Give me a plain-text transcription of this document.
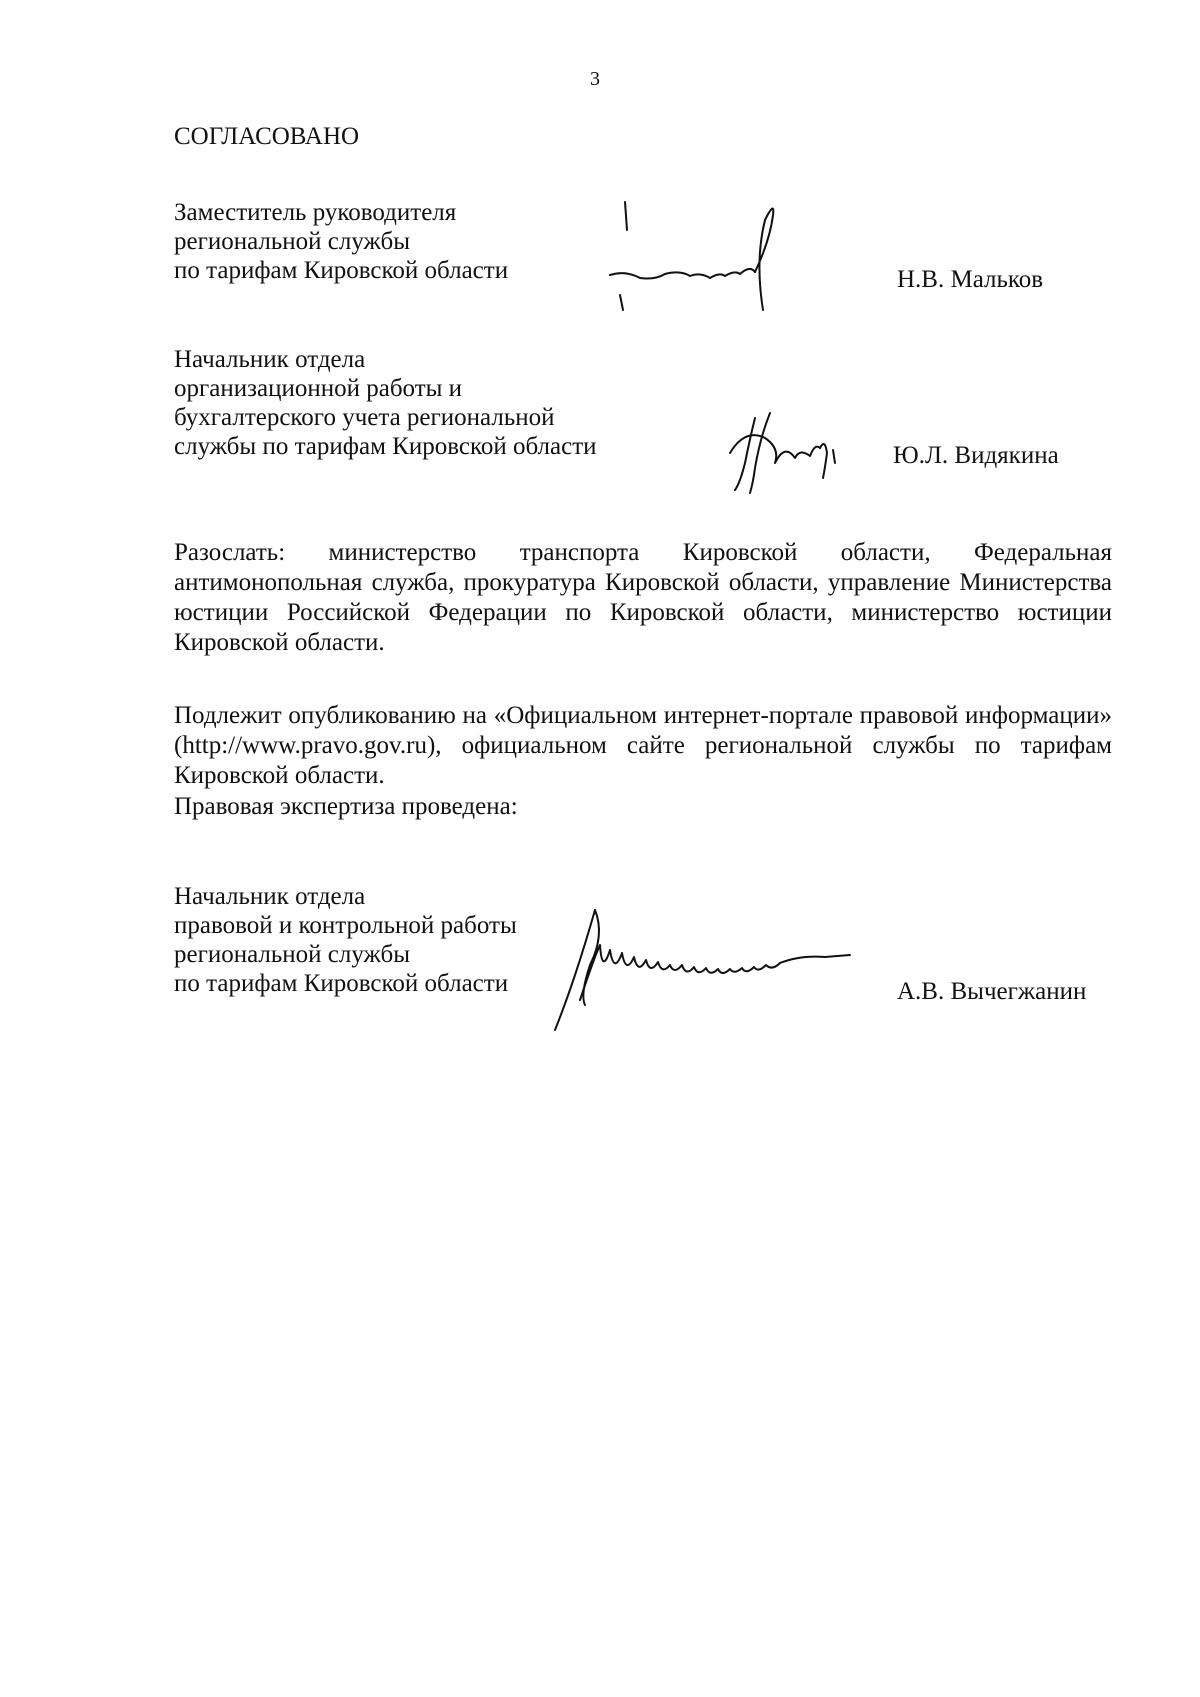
3
СОГЛАСОВАНО
Заместитель руководителя
региональной службы
по тарифам Кировской области	Н.В. Мальков
Начальник отдела
организационной работы и
бухгалтерского учета региональной
службы по тарифам Кировской области	Ю.Л. Видякина
Разослать: министерство транспорта Кировской области, Федеральная антимонопольная служба, прокуратура Кировской области, управление Министерства юстиции Российской Федерации по Кировской области, министерство юстиции Кировской области.
Подлежит опубликованию на «Официальном интернет-портале правовой информации» (http://www.pravo.gov.ru), официальном сайте региональной службы по тарифам Кировской области.
Правовая экспертиза проведена:
Начальник отдела
правовой и контрольной работы
региональной службы
по тарифам Кировской области	А.В. Вычегжанин
